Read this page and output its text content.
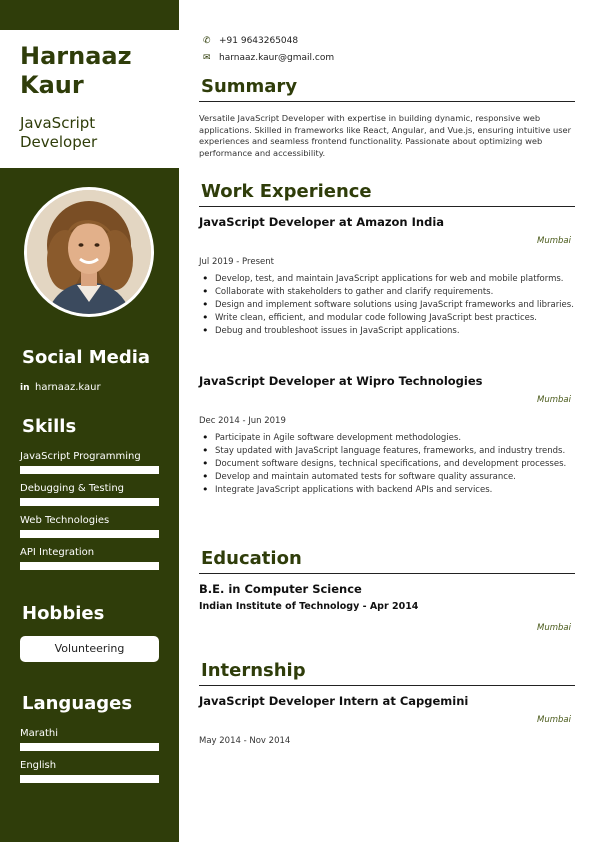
Harnaaz Kaur
JavaScript Developer
Social Media
in harnaaz.kaur
Skills
JavaScript Programming
Debugging & Testing
Web Technologies
API Integration
Hobbies
Volunteering
Languages
Marathi
English
✆ +91 9643265048
✉ harnaaz.kaur@gmail.com
Summary
Versatile JavaScript Developer with expertise in building dynamic, responsive web applications. Skilled in frameworks like React, Angular, and Vue.js, ensuring intuitive user experiences and seamless frontend functionality. Passionate about optimizing web performance and accessibility.
Work Experience
JavaScript Developer at Amazon India
Mumbai
Jul 2019 - Present
• Develop, test, and maintain JavaScript applications for web and mobile platforms.
• Collaborate with stakeholders to gather and clarify requirements.
• Design and implement software solutions using JavaScript frameworks and libraries.
• Write clean, efficient, and modular code following JavaScript best practices.
• Debug and troubleshoot issues in JavaScript applications.
JavaScript Developer at Wipro Technologies
Mumbai
Dec 2014 - Jun 2019
• Participate in Agile software development methodologies.
• Stay updated with JavaScript language features, frameworks, and industry trends.
• Document software designs, technical specifications, and development processes.
• Develop and maintain automated tests for software quality assurance.
• Integrate JavaScript applications with backend APIs and services.
Education
B.E. in Computer Science
Indian Institute of Technology - Apr 2014
Mumbai
Internship
JavaScript Developer Intern at Capgemini
Mumbai
May 2014 - Nov 2014
